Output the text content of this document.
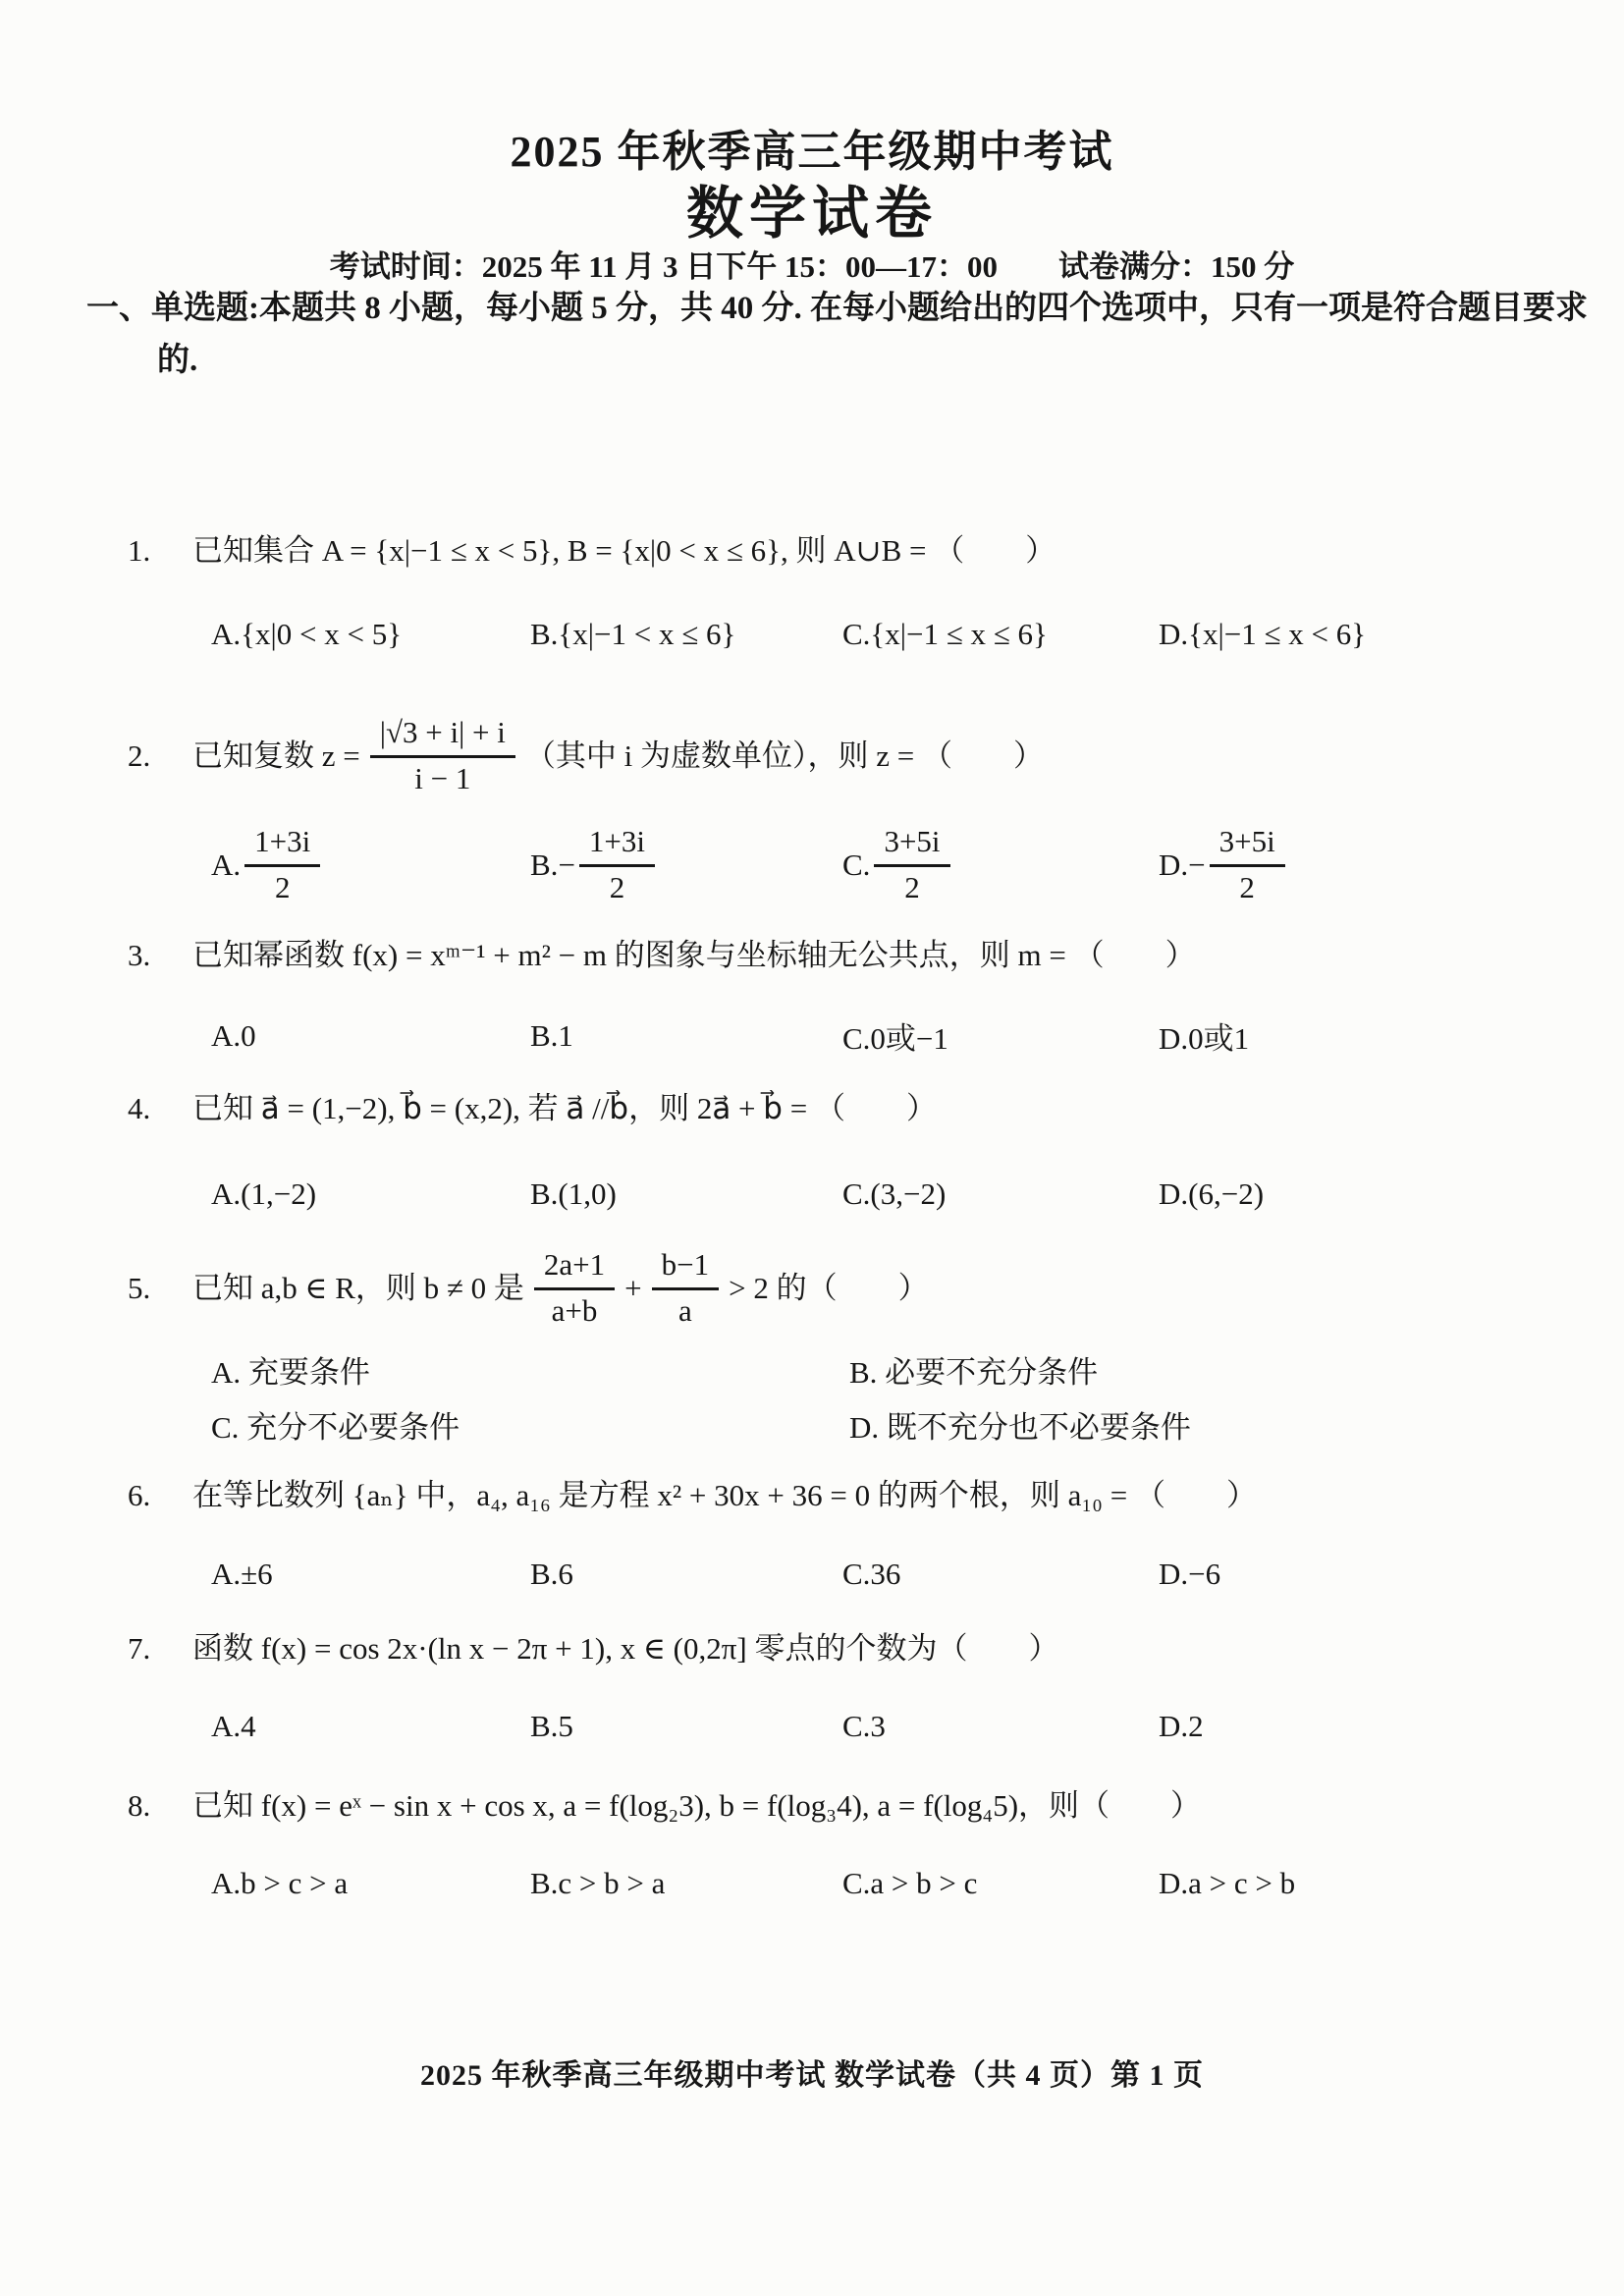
2025 年秋季高三年级期中考试
数学试卷
考试时间：2025 年 11 月 3 日下午 15：00—17：00　　试卷满分：150 分
一、单选题:本题共 8 小题，每小题 5 分，共 40 分. 在每小题给出的四个选项中，只有一项是符合题目要求的.
1.	已知集合 A = {x|−1 ≤ x < 5}, B = {x|0 < x ≤ 6}, 则 A∪B = （　　）
A.{x|0 < x < 5}	B.{x|−1 < x ≤ 6}	C.{x|−1 ≤ x ≤ 6}	D.{x|−1 ≤ x < 6}
2.	已知复数 $z = \frac{|√3 + i| + i}{i - 1}$ （其中 i 为虚数单位），则 z = （　　）
A. $\frac{1+3i}{2}$	B. − $\frac{1+3i}{2}$	C. $\frac{3+5i}{2}$	D. − $\frac{3+5i}{2}$
3.	已知幂函数 f(x) = xᵐ⁻¹ + m² − m 的图象与坐标轴无公共点，则 m = （　　）
A.0	B.1	C.0或−1	D.0或1
4.	已知 a⃗ = (1,−2), b⃗ = (x,2), 若 a⃗ //b⃗，则 2a⃗ + b⃗ = （　　）
A.(1,−2)	B.(1,0)	C.(3,−2)	D.(6,−2)
5.	已知 a,b ∈ R，则 b ≠ 0 是 $\frac{2a+1}{a+b} + \frac{b-1}{a} > 2$ 的（　　）
A. 充要条件	B. 必要不充分条件
C. 充分不必要条件	D. 既不充分也不必要条件
6.	在等比数列 {aₙ} 中，a₄, a₁₆ 是方程 x² + 30x + 36 = 0 的两个根，则 a₁₀ = （　　）
A.±6	B.6	C.36	D.−6
7.	函数 f(x) = cos 2x·(ln x − 2π + 1), x ∈ (0,2π] 零点的个数为（　　）
A.4	B.5	C.3	D.2
8.	已知 f(x) = eˣ − sin x + cos x, a = f(log₂3), b = f(log₃4), a = f(log₄5)，则（　　）
A.b > c > a	B.c > b > a	C.a > b > c	D.a > c > b
2025 年秋季高三年级期中考试 数学试卷（共 4 页）第 1 页
